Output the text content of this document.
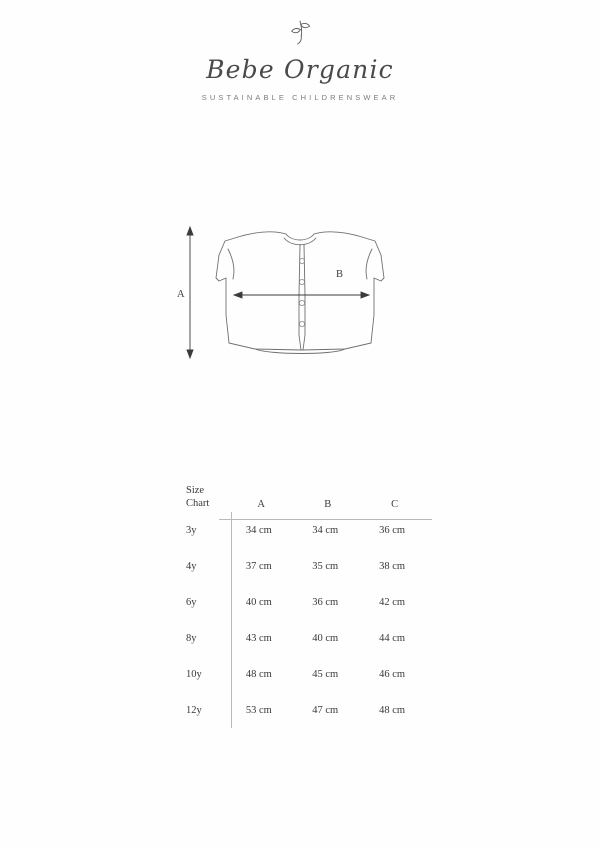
Bebe Organic
SUSTAINABLE CHILDRENSWEAR
A
B
Size
Chart	A	B	C
3y	34 cm	34 cm	36 cm
4y	37 cm	35 cm	38 cm
6y	40 cm	36 cm	42 cm
8y	43 cm	40 cm	44 cm
10y	48 cm	45 cm	46 cm
12y	53 cm	47 cm	48 cm
